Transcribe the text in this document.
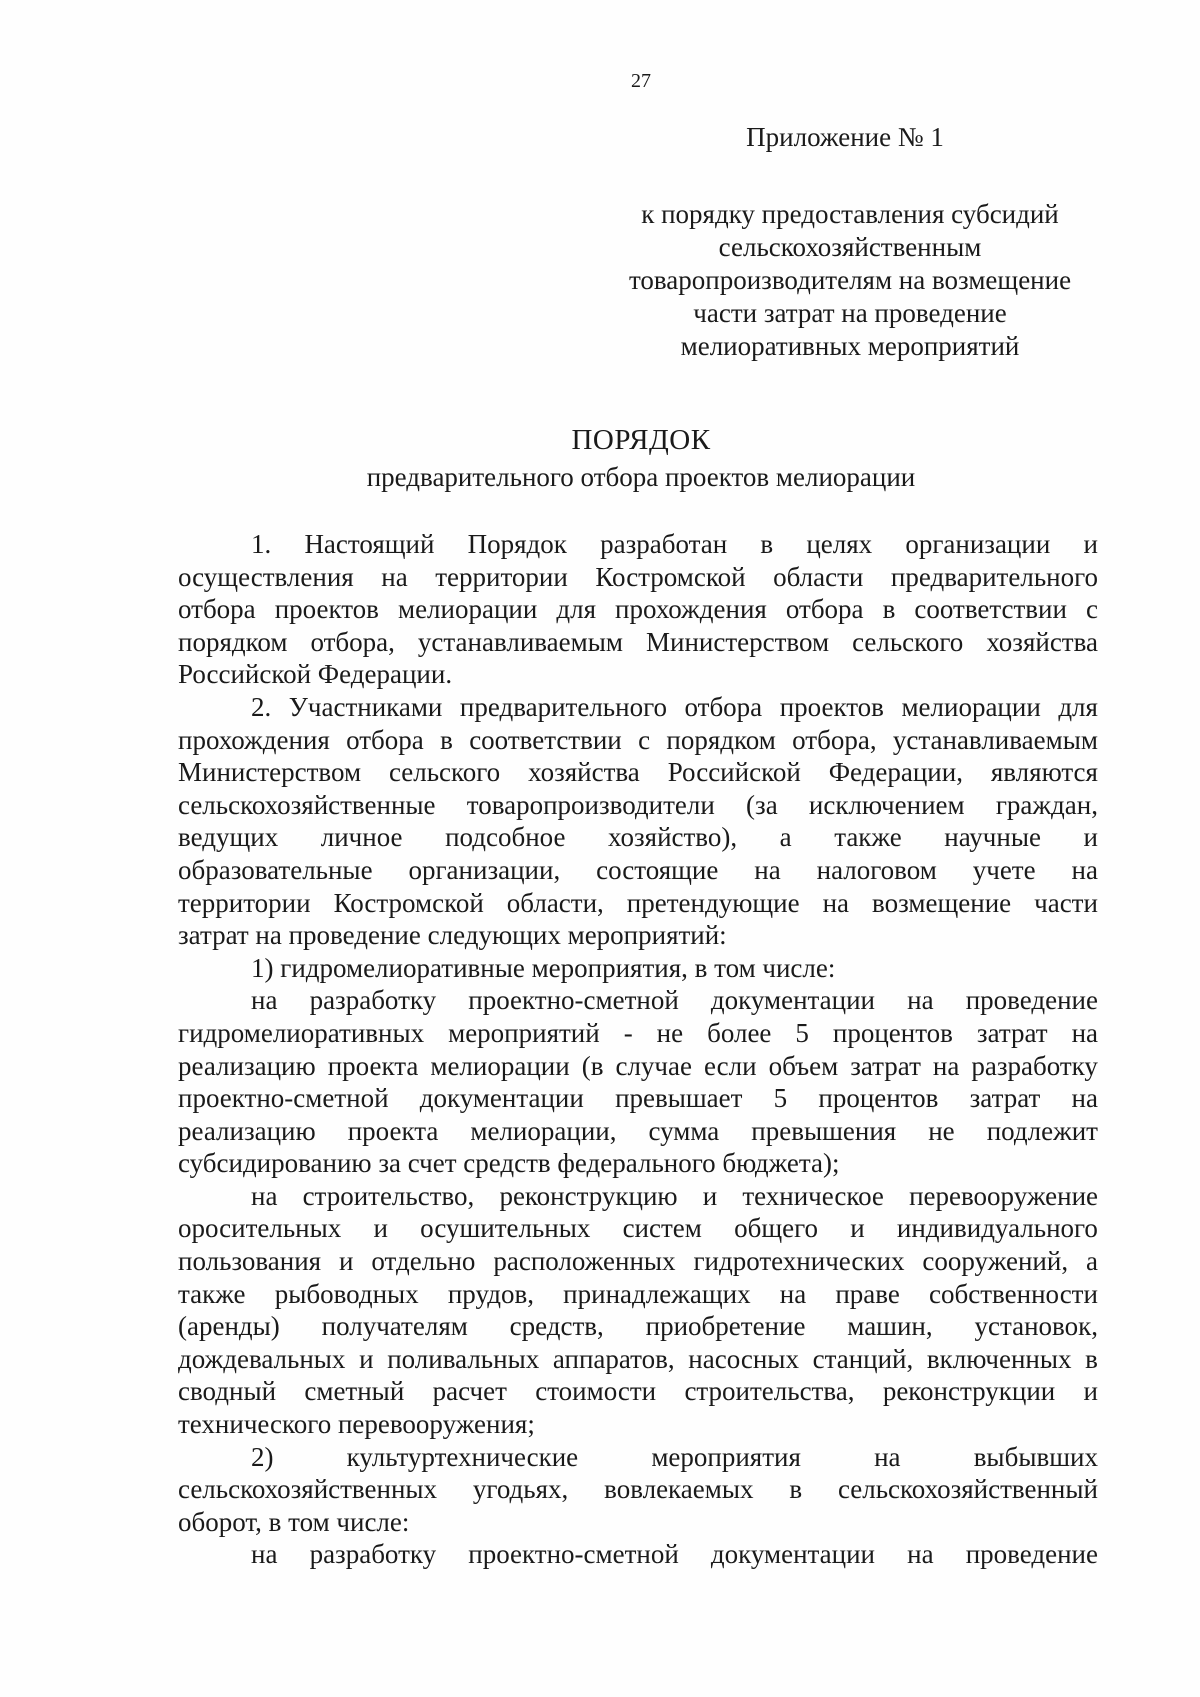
27
Приложение № 1
к порядку предоставления субсидий
сельскохозяйственным
товаропроизводителям на возмещение
части затрат на проведение
мелиоративных мероприятий
ПОРЯДОК
предварительного отбора проектов мелиорации
1. Настоящий Порядок разработан в целях организации и
осуществления на территории Костромской области предварительного
отбора проектов мелиорации для прохождения отбора в соответствии с
порядком отбора, устанавливаемым Министерством сельского хозяйства
Российской Федерации.
2. Участниками предварительного отбора проектов мелиорации для
прохождения отбора в соответствии с порядком отбора, устанавливаемым
Министерством сельского хозяйства Российской Федерации, являются
сельскохозяйственные товаропроизводители (за исключением граждан,
ведущих личное подсобное хозяйство), а также научные и
образовательные организации, состоящие на налоговом учете на
территории Костромской области, претендующие на возмещение части
затрат на проведение следующих мероприятий:
1) гидромелиоративные мероприятия, в том числе:
на разработку проектно-сметной документации на проведение
гидромелиоративных мероприятий - не более 5 процентов затрат на
реализацию проекта мелиорации (в случае если объем затрат на разработку
проектно-сметной документации превышает 5 процентов затрат на
реализацию проекта мелиорации, сумма превышения не подлежит
субсидированию за счет средств федерального бюджета);
на строительство, реконструкцию и техническое перевооружение
оросительных и осушительных систем общего и индивидуального
пользования и отдельно расположенных гидротехнических сооружений, а
также рыбоводных прудов, принадлежащих на праве собственности
(аренды) получателям средств, приобретение машин, установок,
дождевальных и поливальных аппаратов, насосных станций, включенных в
сводный сметный расчет стоимости строительства, реконструкции и
технического перевооружения;
2)	культуртехнические	мероприятия	на	выбывших
сельскохозяйственных угодьях, вовлекаемых в сельскохозяйственный
оборот, в том числе:
на разработку проектно-сметной документации на проведение
